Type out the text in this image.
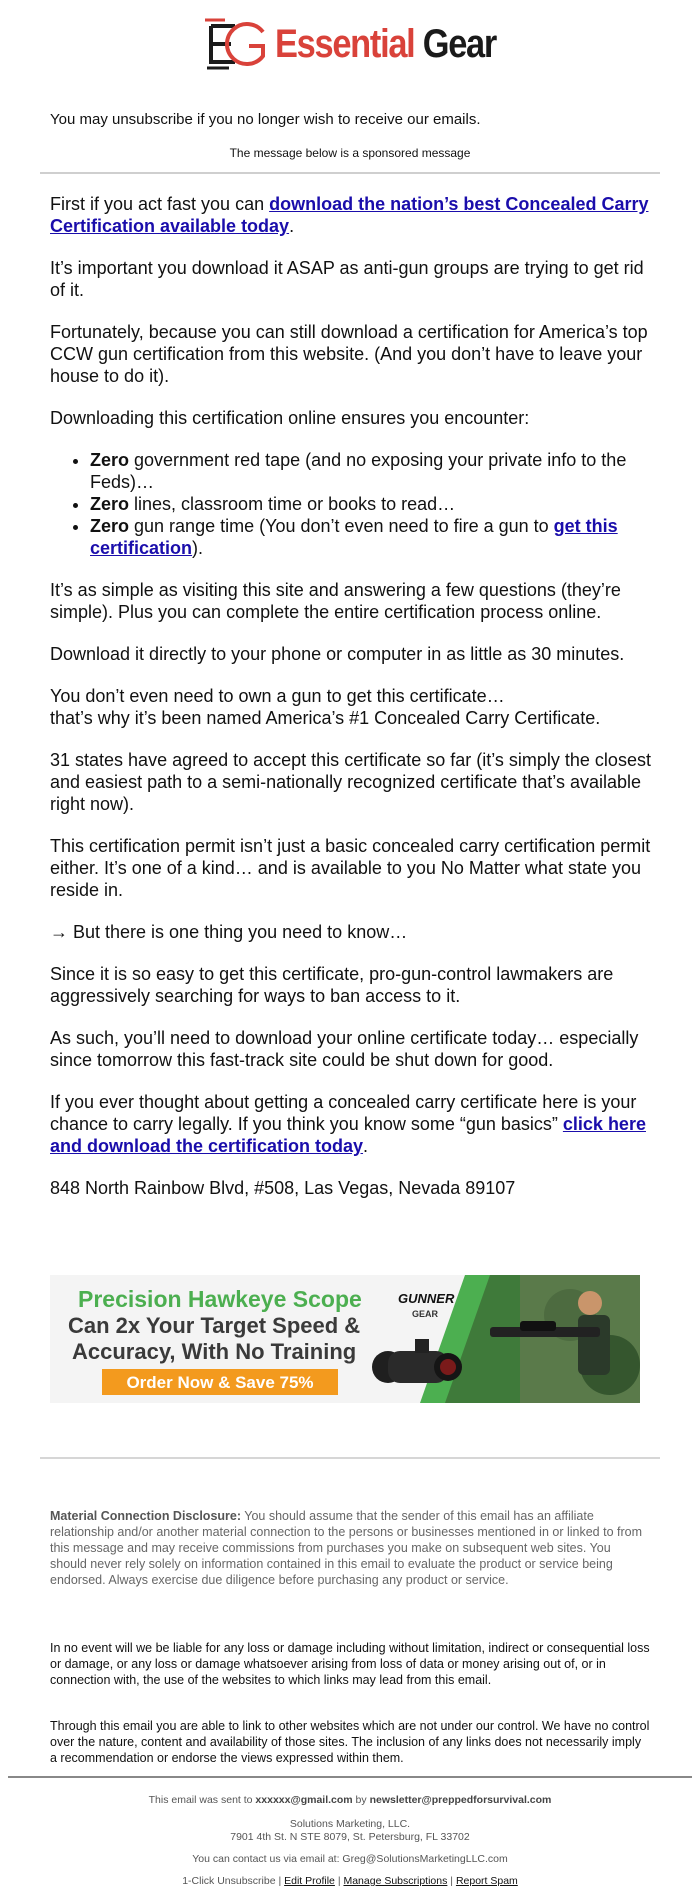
Essential Gear
You may unsubscribe if you no longer wish to receive our emails.
The message below is a sponsored message

First if you act fast you can download the nation’s best Concealed Carry Certification available today.

It’s important you download it ASAP as anti-gun groups are trying to get rid of it.

Fortunately, because you can still download a certification for America’s top CCW gun certification from this website. (And you don’t have to leave your house to do it).

Downloading this certification online ensures you encounter:

• Zero government red tape (and no exposing your private info to the Feds)…
• Zero lines, classroom time or books to read…
• Zero gun range time (You don’t even need to fire a gun to get this certification).

It’s as simple as visiting this site and answering a few questions (they’re simple). Plus you can complete the entire certification process online.

Download it directly to your phone or computer in as little as 30 minutes.

You don’t even need to own a gun to get this certificate…
that’s why it’s been named America’s #1 Concealed Carry Certificate.

31 states have agreed to accept this certificate so far (it’s simply the closest and easiest path to a semi-nationally recognized certificate that’s available right now).

This certification permit isn’t just a basic concealed carry certification permit either. It’s one of a kind… and is available to you No Matter what state you reside in.

→ But there is one thing you need to know…

Since it is so easy to get this certificate, pro-gun-control lawmakers are aggressively searching for ways to ban access to it.

As such, you’ll need to download your online certificate today… especially since tomorrow this fast-track site could be shut down for good.

If you ever thought about getting a concealed carry certificate here is your chance to carry legally. If you think you know some “gun basics” click here and download the certification today.

848 North Rainbow Blvd, #508, Las Vegas, Nevada 89107

GUNNER
GEAR
Precision Hawkeye Scope
Can 2x Your Target Speed &
Accuracy, With No Training
Order Now & Save 75%
Material Connection Disclosure: You should assume that the sender of this email has an affiliate relationship and/or another material connection to the persons or businesses mentioned in or linked to from this message and may receive commissions from purchases you make on subsequent web sites. You should never rely solely on information contained in this email to evaluate the product or service being endorsed. Always exercise due diligence before purchasing any product or service.
In no event will we be liable for any loss or damage including without limitation, indirect or consequential loss or damage, or any loss or damage whatsoever arising from loss of data or money arising out of, or in connection with, the use of the websites to which links may lead from this email.
Through this email you are able to link to other websites which are not under our control. We have no control over the nature, content and availability of those sites. The inclusion of any links does not necessarily imply a recommendation or endorse the views expressed within them.
This email was sent to xxxxxx@gmail.com by newsletter@preppedforsurvival.com
Solutions Marketing, LLC.
7901 4th St. N STE 8079, St. Petersburg, FL 33702
You can contact us via email at: Greg@SolutionsMarketingLLC.com
1-Click Unsubscribe | Edit Profile | Manage Subscriptions | Report Spam
